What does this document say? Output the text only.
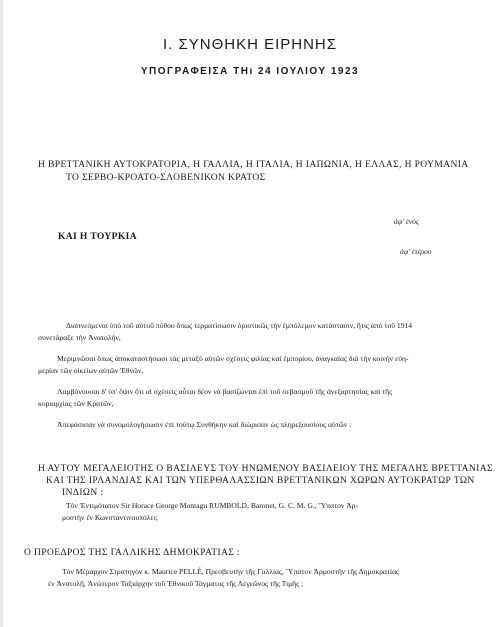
I. ΣΥΝΘΗΚΗ ΕΙΡΗΝΗΣ
ΥΠΟΓΡΑΦΕΙΣΑ ΤΗι 24 ΙΟΥΛΙΟΥ 1923
Η ΒΡΕΤΤΑΝΙΚΗ ΑΥΤΟΚΡΑΤΟΡΙΑ, Η ΓΑΛΛΙΑ, Η ΙΤΑΛΙΑ, Η ΙΑΠΩΝΙΑ, Η ΕΛΛΑΣ, Η ΡΟΥΜΑΝΙΑ
ΤΟ ΣΕΡΒΟ-ΚΡΟΑΤΟ-ΣΛΟΒΕΝΙΚΟΝ ΚΡΑΤΟΣ
ἀφ' ἑνός
ΚΑΙ Η ΤΟΥΡΚΙΑ
ἀφ' ἑτέρου
Διαπνεόμεναι ὑπὸ τοῦ αὐτοῦ πόθου ὅπως τερματίσωσιν ὁριστικῶς τὴν ἐμπόλεμον κατάστασιν, ἥτις ἀπὸ τοῦ 1914
συνετάραξε τὴν Ἀνατολήν,
Μεριμνῶσαι ὅπως ἀποκαταστήσωσι τὰς μεταξὺ αὐτῶν σχέσεις φιλίας καὶ ἐμπορίου, ἀναγκαίας διὰ τὴν κοινὴν εὐη-
μερίαν τῶν οἰκείων αὐτῶν Ἐθνῶν,
Λαμβάνουσαι δ' ὑπ' ὄψιν ὅτι αἱ σχέσεις αὗται δέον νὰ βασίζωνται ἐπὶ τοῦ σεβασμοῦ τῆς ἀνεξαρτησίας καὶ τῆς
κυριαρχίας τῶν Κρατῶν,
Ἀπεφάσισαν νὰ συνομολογήσωσιν ἐπὶ τούτῳ Συνθήκην καὶ διώρισαν ὡς πληρεξουσίους αὐτῶν :
Η ΑΥΤΟΥ ΜΕΓΑΛΕΙΟΤΗΣ Ο ΒΑΣΙΛΕΥΣ ΤΟΥ ΗΝΩΜΕΝΟΥ ΒΑΣΙΛΕΙΟΥ ΤΗΣ ΜΕΓΑΛΗΣ ΒΡΕΤΤΑΝΙΑΣ
ΚΑΙ ΤΗΣ ΙΡΛΑΝΔΙΑΣ ΚΑΙ ΤΩΝ ΥΠΕΡΘΑΛΑΣΣΙΩΝ ΒΡΕΤΤΑΝΙΚΩΝ ΧΩΡΩΝ ΑΥΤΟΚΡΑΤΩΡ ΤΩΝ
ΙΝΔΙΩΝ :
Τὸν Ἐντιμότατον Sir Horace George Montagu RUMBOLD, Baronet, G. C. M. G., Ὕπατον Ἁρ-
μοστὴν ἐν Κωνσταντινουπόλει;
Ο ΠΡΟΕΔΡΟΣ ΤΗΣ ΓΑΛΛΙΚΗΣ ΔΗΜΟΚΡΑΤΙΑΣ :
Τὸν Μέραρχον Στρατηγὸν κ. Maurice PELLÉ, Πρεσβευτὴν τῆς Γαλλίας, Ὕπατον Ἁρμοστὴν τῆς Δημοκρατίας
ἐν Ἀνατολῇ, Ἀνώτερον Ταξιάρχην τοῦ Ἐθνικοῦ Τάγματος τῆς Λεγεῶνος τῆς Τιμῆς ;
